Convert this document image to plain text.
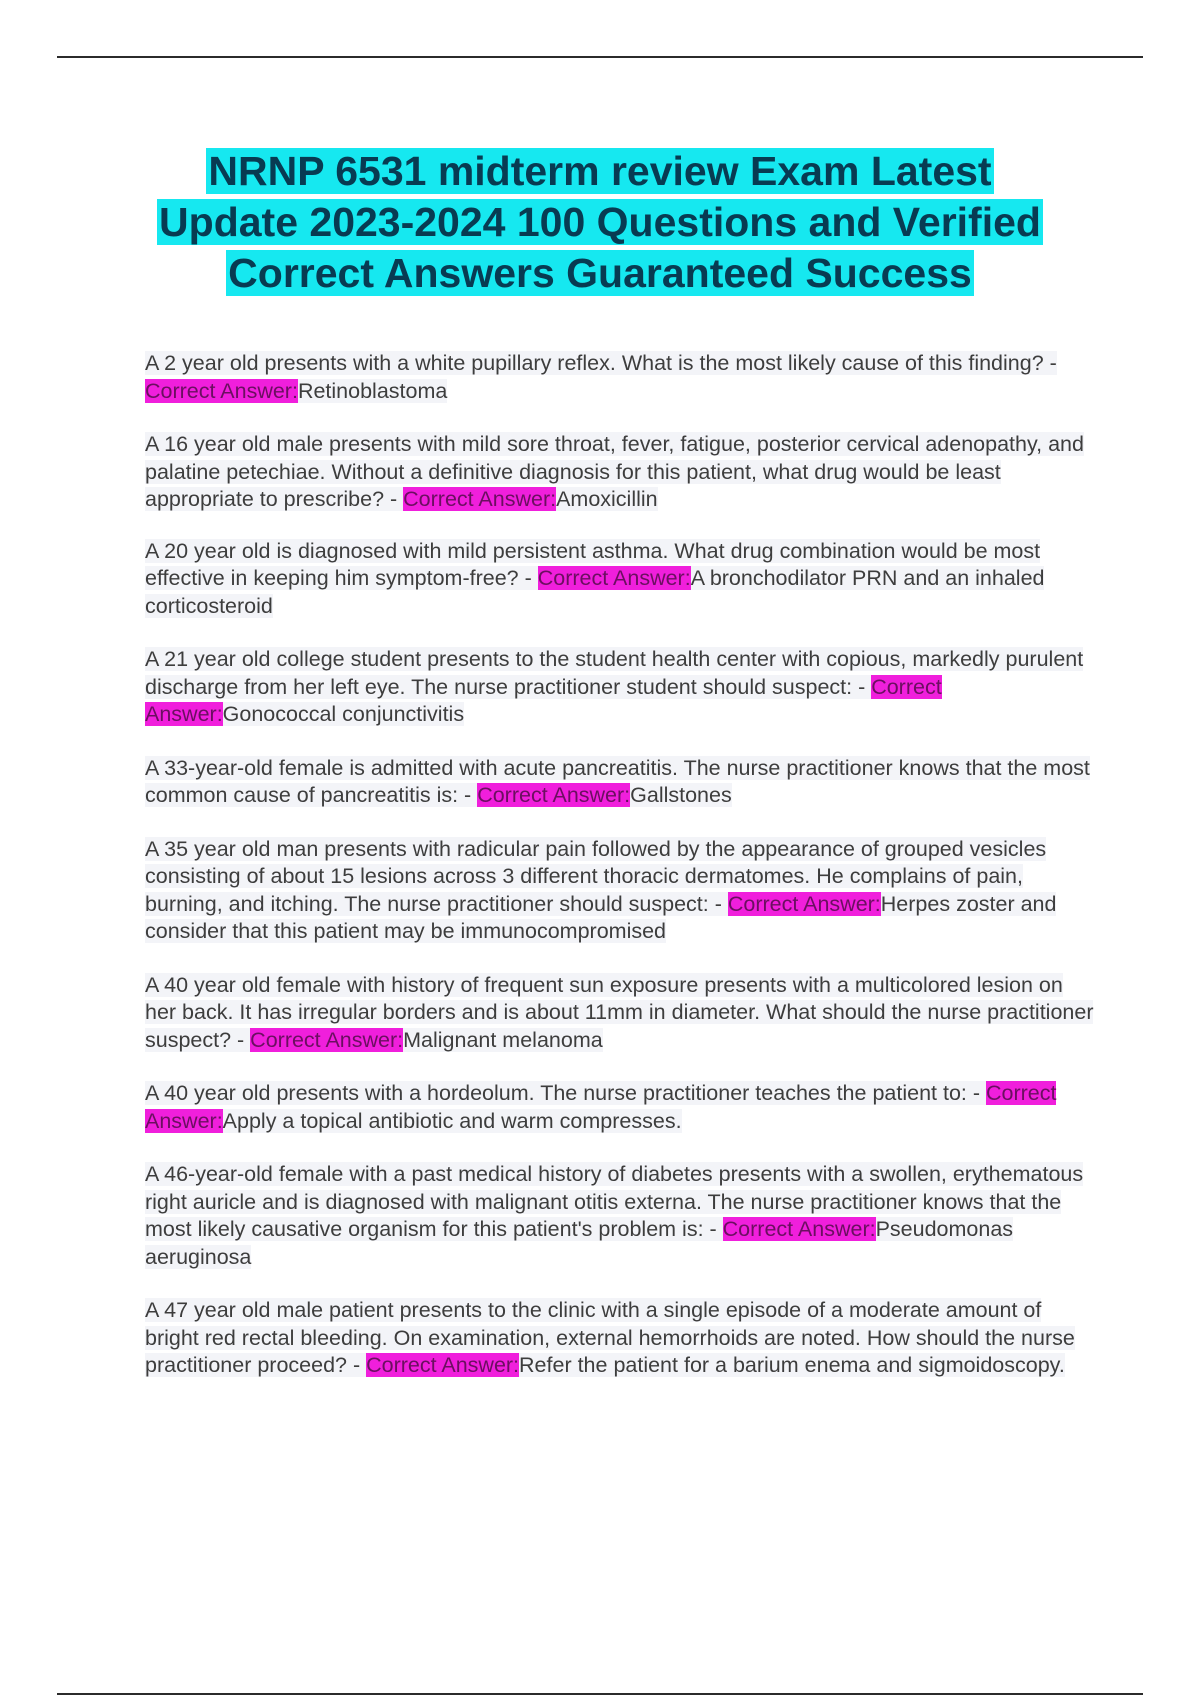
NRNP 6531 midterm review Exam Latest Update 2023-2024 100 Questions and Verified Correct Answers Guaranteed Success

A 2 year old presents with a white pupillary reflex. What is the most likely cause of this finding? - Correct Answer:Retinoblastoma

A 16 year old male presents with mild sore throat, fever, fatigue, posterior cervical adenopathy, and palatine petechiae. Without a definitive diagnosis for this patient, what drug would be least appropriate to prescribe? - Correct Answer:Amoxicillin

A 20 year old is diagnosed with mild persistent asthma. What drug combination would be most effective in keeping him symptom-free? - Correct Answer:A bronchodilator PRN and an inhaled corticosteroid

A 21 year old college student presents to the student health center with copious, markedly purulent discharge from her left eye. The nurse practitioner student should suspect: - Correct Answer:Gonococcal conjunctivitis

A 33-year-old female is admitted with acute pancreatitis. The nurse practitioner knows that the most common cause of pancreatitis is: - Correct Answer:Gallstones

A 35 year old man presents with radicular pain followed by the appearance of grouped vesicles consisting of about 15 lesions across 3 different thoracic dermatomes. He complains of pain, burning, and itching. The nurse practitioner should suspect: - Correct Answer:Herpes zoster and consider that this patient may be immunocompromised

A 40 year old female with history of frequent sun exposure presents with a multicolored lesion on her back. It has irregular borders and is about 11mm in diameter. What should the nurse practitioner suspect? - Correct Answer:Malignant melanoma

A 40 year old presents with a hordeolum. The nurse practitioner teaches the patient to: - Correct Answer:Apply a topical antibiotic and warm compresses.

A 46-year-old female with a past medical history of diabetes presents with a swollen, erythematous right auricle and is diagnosed with malignant otitis externa. The nurse practitioner knows that the most likely causative organism for this patient's problem is: - Correct Answer:Pseudomonas aeruginosa

A 47 year old male patient presents to the clinic with a single episode of a moderate amount of bright red rectal bleeding. On examination, external hemorrhoids are noted. How should the nurse practitioner proceed? - Correct Answer:Refer the patient for a barium enema and sigmoidoscopy.
